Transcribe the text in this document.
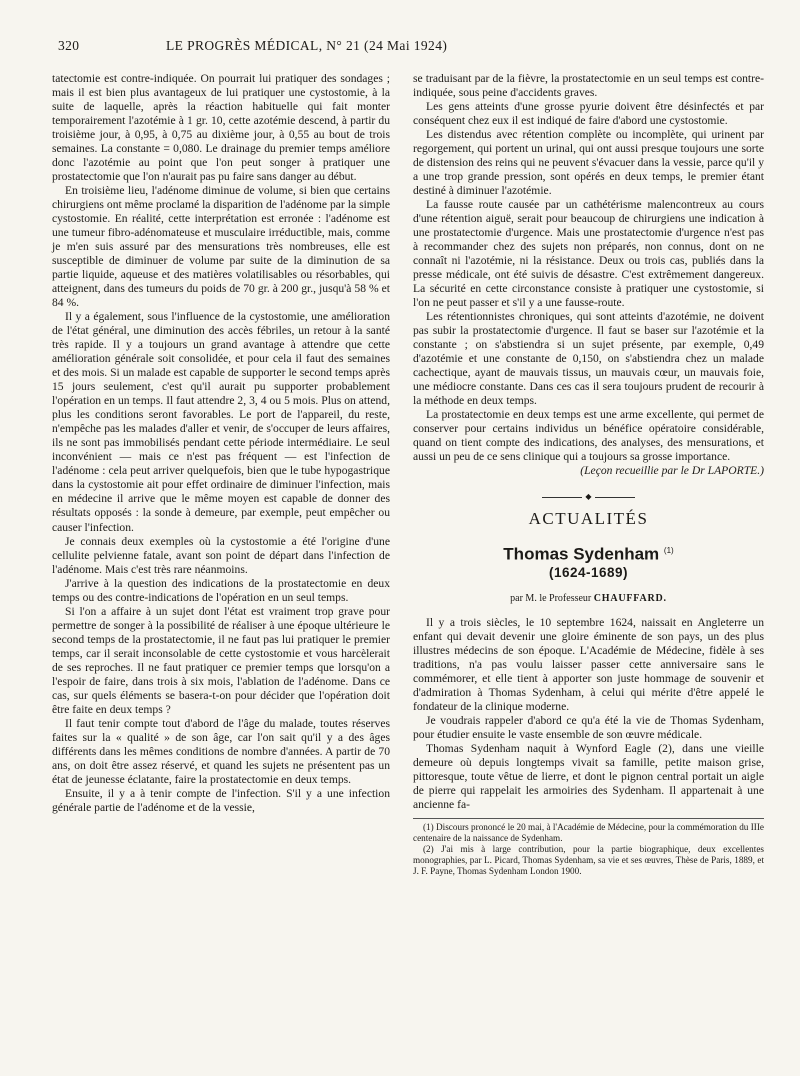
320	LE PROGRÈS MÉDICAL, N° 21 (24 Mai 1924)

tatectomie est contre-indiquée. On pourrait lui pratiquer des sondages ; mais il est bien plus avantageux de lui pratiquer une cystostomie, à la suite de laquelle, après la réaction habituelle qui fait monter temporairement l'azotémie à 1 gr. 10, cette azotémie descend, à partir du troisième jour, à 0,95, à 0,75 au dixième jour, à 0,55 au bout de trois semaines. La constante = 0,080. Le drainage du premier temps améliore donc l'azotémie au point que l'on peut songer à pratiquer une prostatectomie que l'on n'aurait pas pu faire sans danger au début.

En troisième lieu, l'adénome diminue de volume, si bien que certains chirurgiens ont même proclamé la disparition de l'adénome par la simple cystostomie. En réalité, cette interprétation est erronée : l'adénome est une tumeur fibro-adénomateuse et musculaire irréductible, mais, comme je m'en suis assuré par des mensurations très nombreuses, elle est susceptible de diminuer de volume par suite de la diminution de sa partie liquide, aqueuse et des matières volatilisables ou résorbables, qui atteignent, dans des tumeurs du poids de 70 gr. à 200 gr., jusqu'à 58 % et 84 %.

Il y a également, sous l'influence de la cystostomie, une amélioration de l'état général, une diminution des accès fébriles, un retour à la santé très rapide. Il y a toujours un grand avantage à attendre que cette amélioration générale soit consolidée, et pour cela il faut des semaines et des mois. Si un malade est capable de supporter le second temps après 15 jours seulement, c'est qu'il aurait pu supporter probablement l'opération en un temps. Il faut attendre 2, 3, 4 ou 5 mois. Plus on attend, plus les conditions seront favorables. Le port de l'appareil, du reste, n'empêche pas les malades d'aller et venir, de s'occuper de leurs affaires, ils ne sont pas immobilisés pendant cette période intermédiaire. Le seul inconvénient — mais ce n'est pas fréquent — est l'infection de l'adénome : cela peut arriver quelquefois, bien que le tube hypogastrique dans la cystostomie ait pour effet ordinaire de diminuer l'infection, mais en médecine il arrive que le même moyen est capable de donner des résultats opposés : la sonde à demeure, par exemple, peut empêcher ou causer l'infection.

Je connais deux exemples où la cystostomie a été l'origine d'une cellulite pelvienne fatale, avant son point de départ dans l'infection de l'adénome. Mais c'est très rare néanmoins.

J'arrive à la question des indications de la prostatectomie en deux temps ou des contre-indications de l'opération en un seul temps.

Si l'on a affaire à un sujet dont l'état est vraiment trop grave pour permettre de songer à la possibilité de réaliser à une époque ultérieure le second temps de la prostatectomie, il ne faut pas lui pratiquer le premier temps, car il serait inconsolable de cette cystostomie et vous harcèlerait de ses reproches. Il ne faut pratiquer ce premier temps que lorsqu'on a l'espoir de faire, dans trois à six mois, l'ablation de l'adénome. Dans ce cas, sur quels éléments se basera-t-on pour décider que l'opération doit être faite en deux temps ?

Il faut tenir compte tout d'abord de l'âge du malade, toutes réserves faites sur la « qualité » de son âge, car l'on sait qu'il y a des âges différents dans les mêmes conditions de nombre d'années. A partir de 70 ans, on doit être assez réservé, et quand les sujets ne présentent pas un état de jeunesse éclatante, faire la prostatectomie en deux temps.

Ensuite, il y a à tenir compte de l'infection. S'il y a une infection générale partie de l'adénome et de la vessie,

se traduisant par de la fièvre, la prostatectomie en un seul temps est contre-indiquée, sous peine d'accidents graves.

Les gens atteints d'une grosse pyurie doivent être désinfectés et par conséquent chez eux il est indiqué de faire d'abord une cystostomie.

Les distendus avec rétention complète ou incomplète, qui urinent par regorgement, qui portent un urinal, qui ont aussi presque toujours une sorte de distension des reins qui ne peuvent s'évacuer dans la vessie, parce qu'il y a une trop grande pression, sont opérés en deux temps, le premier étant destiné à diminuer l'azotémie.

La fausse route causée par un cathétérisme malencontreux au cours d'une rétention aiguë, serait pour beaucoup de chirurgiens une indication à une prostatectomie d'urgence. Mais une prostatectomie d'urgence n'est pas à recommander chez des sujets non préparés, non connus, dont on ne connaît ni l'azotémie, ni la résistance. Deux ou trois cas, publiés dans la presse médicale, ont été suivis de désastre. C'est extrêmement dangereux. La sécurité en cette circonstance consiste à pratiquer une cystostomie, si l'on ne peut passer et s'il y a une fausse-route.

Les rétentionnistes chroniques, qui sont atteints d'azotémie, ne doivent pas subir la prostatectomie d'urgence. Il faut se baser sur l'azotémie et la constante ; on s'abstiendra si un sujet présente, par exemple, 0,49 d'azotémie et une constante de 0,150, on s'abstiendra chez un malade cachectique, ayant de mauvais tissus, un mauvais cœur, un mauvais foie, une médiocre constante. Dans ces cas il sera toujours prudent de recourir à la méthode en deux temps.

La prostatectomie en deux temps est une arme excellente, qui permet de conserver pour certains individus un bénéfice opératoire considérable, quand on tient compte des indications, des analyses, des mensurations, et aussi un peu de ce sens clinique qui a toujours sa grosse importance.

(Leçon recueillie par le Dr LAPORTE.)

◆
ACTUALITÉS
Thomas Sydenham $^{(1)}$
(1624-1689)
par M. le Professeur CHAUFFARD.

Il y a trois siècles, le 10 septembre 1624, naissait en Angleterre un enfant qui devait devenir une gloire éminente de son pays, un des plus illustres médecins de son époque. L'Académie de Médecine, fidèle à ses traditions, n'a pas voulu laisser passer cette anniversaire sans le commémorer, et elle tient à apporter son juste hommage de souvenir et d'admiration à Thomas Sydenham, à celui qui mérite d'être appelé le fondateur de la clinique moderne.

Je voudrais rappeler d'abord ce qu'a été la vie de Thomas Sydenham, pour étudier ensuite le vaste ensemble de son œuvre médicale.

Thomas Sydenham naquit à Wynford Eagle (2), dans une vieille demeure où depuis longtemps vivait sa famille, petite maison grise, pittoresque, toute vêtue de lierre, et dont le pignon central portait un aigle de pierre qui rappelait les armoiries des Sydenham. Il appartenait à une ancienne fa-

(1) Discours prononcé le 20 mai, à l'Académie de Médecine, pour la commémoration du IIIe centenaire de la naissance de Sydenham.

(2) J'ai mis à large contribution, pour la partie biographique, deux excellentes monographies, par L. Picard, Thomas Sydenham, sa vie et ses œuvres, Thèse de Paris, 1889, et J. F. Payne, Thomas Sydenham London 1900.
